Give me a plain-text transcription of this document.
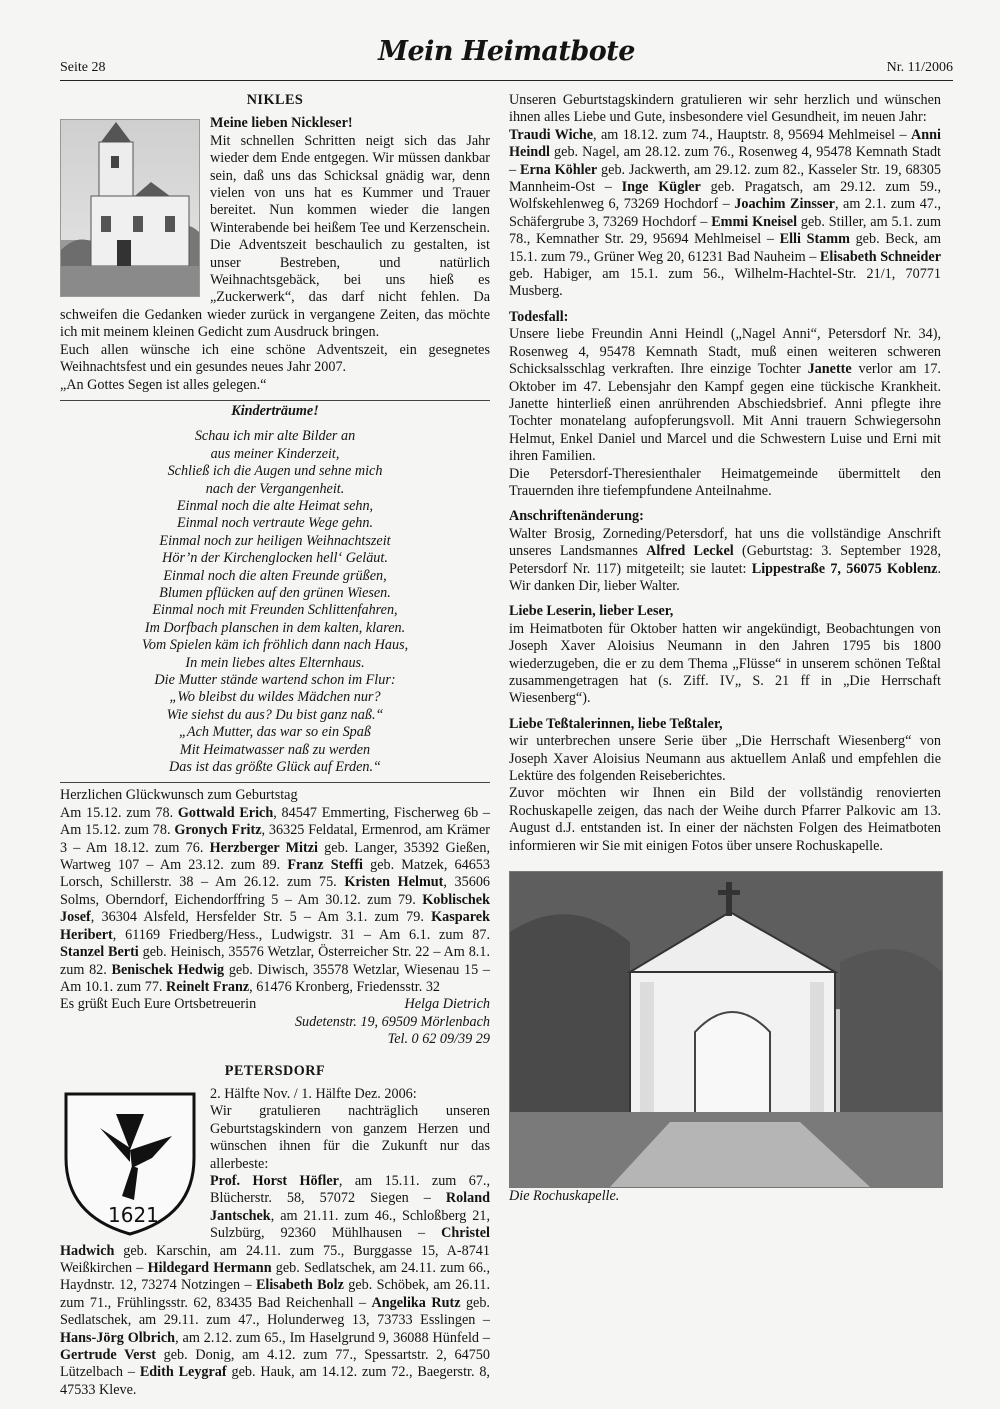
Seite 28
Mein Heimatbote
Nr. 11/2006
NIKLES

Meine lieben Nickleser!

Mit schnellen Schritten neigt sich das Jahr wieder dem Ende entgegen. Wir müssen dankbar sein, daß uns das Schicksal gnädig war, denn vielen von uns hat es Kummer und Trauer bereitet. Nun kommen wieder die langen Winterabende bei heißem Tee und Kerzenschein. Die Adventszeit beschaulich zu gestalten, ist unser Bestreben, und natürlich Weihnachtsgebäck, bei uns hieß es „Zuckerwerk“, das darf nicht fehlen. Da schweifen die Gedanken wieder zurück in vergangene Zeiten, das möchte ich mit meinem kleinen Gedicht zum Ausdruck bringen.

Euch allen wünsche ich eine schöne Adventszeit, ein gesegnetes Weihnachtsfest und ein gesundes neues Jahr 2007.

„An Gottes Segen ist alles gelegen.“

Kinderträume!
Schau ich mir alte Bilder an
aus meiner Kinderzeit,
Schließ ich die Augen und sehne mich
nach der Vergangenheit.
Einmal noch die alte Heimat sehn,
Einmal noch vertraute Wege gehn.
Einmal noch zur heiligen Weihnachtszeit
Hör’n der Kirchenglocken hell‘ Geläut.
Einmal noch die alten Freunde grüßen,
Blumen pflücken auf den grünen Wiesen.
Einmal noch mit Freunden Schlittenfahren,
Im Dorfbach planschen in dem kalten, klaren.
Vom Spielen käm ich fröhlich dann nach Haus,
In mein liebes altes Elternhaus.
Die Mutter stände wartend schon im Flur:
„Wo bleibst du wildes Mädchen nur?
Wie siehst du aus? Du bist ganz naß.“
„Ach Mutter, das war so ein Spaß
Mit Heimatwasser naß zu werden
Das ist das größte Glück auf Erden.“

Herzlichen Glückwunsch zum Geburtstag

Am 15.12. zum 78. Gottwald Erich, 84547 Emmerting, Fischerweg 6b – Am 15.12. zum 78. Gronych Fritz, 36325 Feldatal, Ermenrod, am Krämer 3 – Am 18.12. zum 76. Herzberger Mitzi geb. Langer, 35392 Gießen, Wartweg 107 – Am 23.12. zum 89. Franz Steffi geb. Matzek, 64653 Lorsch, Schillerstr. 38 – Am 26.12. zum 75. Kristen Helmut, 35606 Solms, Oberndorf, Eichendorffring 5 – Am 30.12. zum 79. Koblischek Josef, 36304 Alsfeld, Hersfelder Str. 5 – Am 3.1. zum 79. Kasparek Heribert, 61169 Friedberg/Hess., Ludwigstr. 31 – Am 6.1. zum 87. Stanzel Berti geb. Heinisch, 35576 Wetzlar, Österreicher Str. 22 – Am 8.1. zum 82. Benischek Hedwig geb. Diwisch, 35578 Wetzlar, Wiesenau 15 – Am 10.1. zum 77. Reinelt Franz, 61476 Kronberg, Friedensstr. 32

Es grüßt Euch Eure Ortsbetreuerin	Helga Dietrich

Sudetenstr. 19, 69509 Mörlenbach

Tel. 0 62 09/39 29

PETERSDORF
1621

2. Hälfte Nov. / 1. Hälfte Dez. 2006:

Wir gratulieren nachträglich unseren Geburtstagskindern von ganzem Herzen und wünschen ihnen für die Zukunft nur das allerbeste:

Prof. Horst Höfler, am 15.11. zum 67., Blücherstr. 58, 57072 Siegen – Roland Jantschek, am 21.11. zum 46., Schloßberg 21, Sulzbürg, 92360 Mühlhausen – Christel Hadwich geb. Karschin, am 24.11. zum 75., Burggasse 15, A-8741 Weißkirchen – Hildegard Hermann geb. Sedlatschek, am 24.11. zum 66., Haydnstr. 12, 73274 Notzingen – Elisabeth Bolz geb. Schöbek, am 26.11. zum 71., Frühlingsstr. 62, 83435 Bad Reichenhall – Angelika Rutz geb. Sedlatschek, am 29.11. zum 47., Holunderweg 13, 73733 Esslingen – Hans-Jörg Olbrich, am 2.12. zum 65., Im Haselgrund 9, 36088 Hünfeld – Gertrude Verst geb. Donig, am 4.12. zum 77., Spessartstr. 2, 64750 Lützelbach – Edith Leygraf geb. Hauk, am 14.12. zum 72., Baegerstr. 8, 47533 Kleve.

Unseren Geburtstagskindern gratulieren wir sehr herzlich und wünschen ihnen alles Liebe und Gute, insbesondere viel Gesundheit, im neuen Jahr:

Traudi Wiche, am 18.12. zum 74., Hauptstr. 8, 95694 Mehlmeisel – Anni Heindl geb. Nagel, am 28.12. zum 76., Rosenweg 4, 95478 Kemnath Stadt – Erna Köhler geb. Jackwerth, am 29.12. zum 82., Kasseler Str. 19, 68305 Mannheim-Ost – Inge Kügler geb. Pragatsch, am 29.12. zum 59., Wolfskehlenweg 6, 73269 Hochdorf – Joachim Zinsser, am 2.1. zum 47., Schäfergrube 3, 73269 Hochdorf – Emmi Kneisel geb. Stiller, am 5.1. zum 78., Kemnather Str. 29, 95694 Mehlmeisel – Elli Stamm geb. Beck, am 15.1. zum 79., Grüner Weg 20, 61231 Bad Nauheim – Elisabeth Schneider geb. Habiger, am 15.1. zum 56., Wilhelm-Hachtel-Str. 21/1, 70771 Musberg.

Todesfall:

Unsere liebe Freundin Anni Heindl („Nagel Anni“, Petersdorf Nr. 34), Rosenweg 4, 95478 Kemnath Stadt, muß einen weiteren schweren Schicksalsschlag verkraften. Ihre einzige Tochter Janette verlor am 17. Oktober im 47. Lebensjahr den Kampf gegen eine tückische Krankheit. Janette hinterließ einen anrührenden Abschiedsbrief. Anni pflegte ihre Tochter monatelang aufopferungsvoll. Mit Anni trauern Schwiegersohn Helmut, Enkel Daniel und Marcel und die Schwestern Luise und Erni mit ihren Familien.

Die Petersdorf-Theresienthaler Heimatgemeinde übermittelt den Trauernden ihre tiefempfundene Anteilnahme.

Anschriftenänderung:

Walter Brosig, Zorneding/Petersdorf, hat uns die vollständige Anschrift unseres Landsmannes Alfred Leckel (Geburtstag: 3. September 1928, Petersdorf Nr. 117) mitgeteilt; sie lautet: Lippestraße 7, 56075 Koblenz. Wir danken Dir, lieber Walter.

Liebe Leserin, lieber Leser,

im Heimatboten für Oktober hatten wir angekündigt, Beobachtungen von Joseph Xaver Aloisius Neumann in den Jahren 1795 bis 1800 wiederzugeben, die er zu dem Thema „Flüsse“ in unserem schönen Teßtal zusammengetragen hat (s. Ziff. IV„ S. 21 ff in „Die Herrschaft Wiesenberg“).

Liebe Teßtalerinnen, liebe Teßtaler,

wir unterbrechen unsere Serie über „Die Herrschaft Wiesenberg“ von Joseph Xaver Aloisius Neumann aus aktuellem Anlaß und empfehlen die Lektüre des folgenden Reiseberichtes.

Zuvor möchten wir Ihnen ein Bild der vollständig renovierten Rochuskapelle zeigen, das nach der Weihe durch Pfarrer Palkovic am 13. August d.J. entstanden ist. In einer der nächsten Folgen des Heimatboten informieren wir Sie mit einigen Fotos über unsere Rochuskapelle.

Die Rochuskapelle.
